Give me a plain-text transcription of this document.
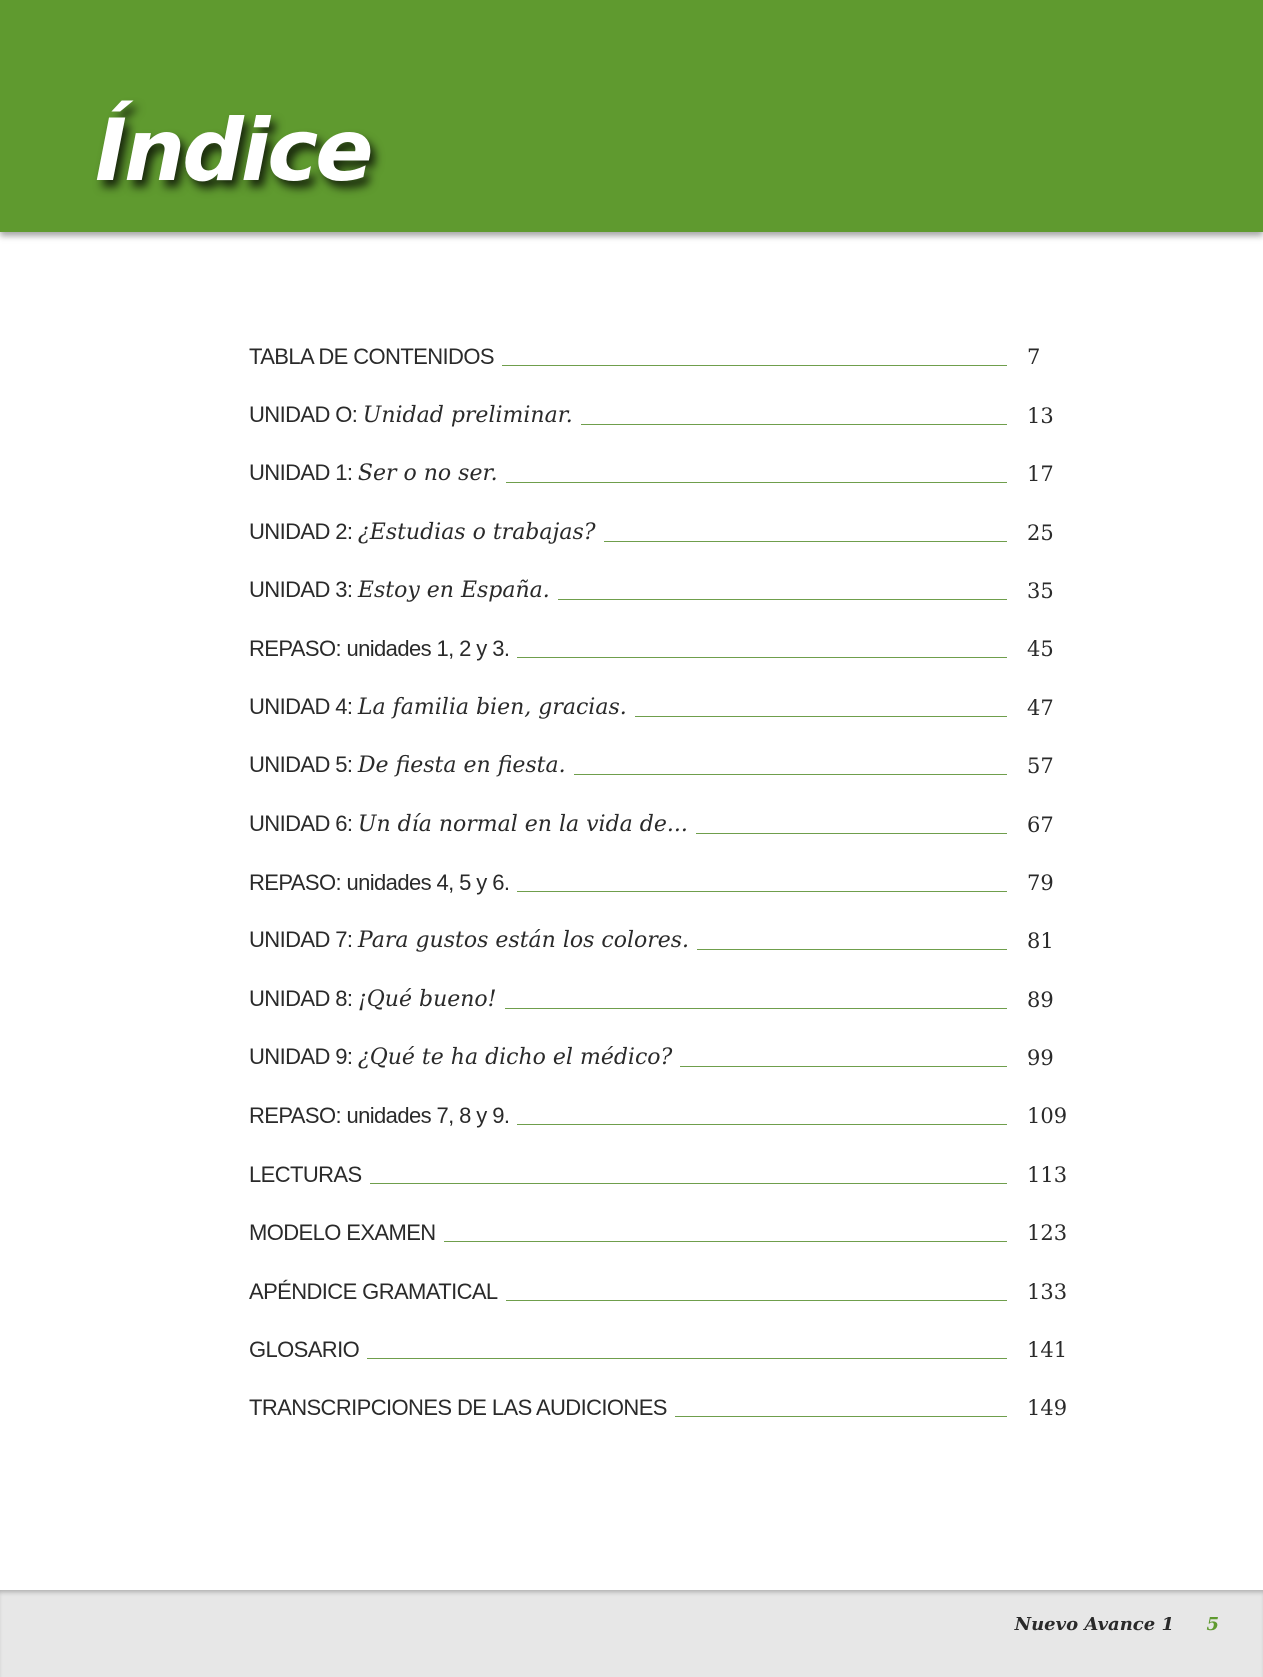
Índice
TABLA DE CONTENIDOS	7
UNIDAD O: Unidad preliminar.	13
UNIDAD 1: Ser o no ser.	17
UNIDAD 2: ¿Estudias o trabajas?	25
UNIDAD 3: Estoy en España.	35
REPASO: unidades 1, 2 y 3.	45
UNIDAD 4: La familia bien, gracias.	47
UNIDAD 5: De fiesta en fiesta.	57
UNIDAD 6: Un día normal en la vida de...	67
REPASO: unidades 4, 5 y 6.	79
UNIDAD 7: Para gustos están los colores.	81
UNIDAD 8: ¡Qué bueno!	89
UNIDAD 9: ¿Qué te ha dicho el médico?	99
REPASO: unidades 7, 8 y 9.	109
LECTURAS	113
MODELO EXAMEN	123
APÉNDICE GRAMATICAL	133
GLOSARIO	141
TRANSCRIPCIONES DE LAS AUDICIONES	149
Nuevo Avance 1 5
